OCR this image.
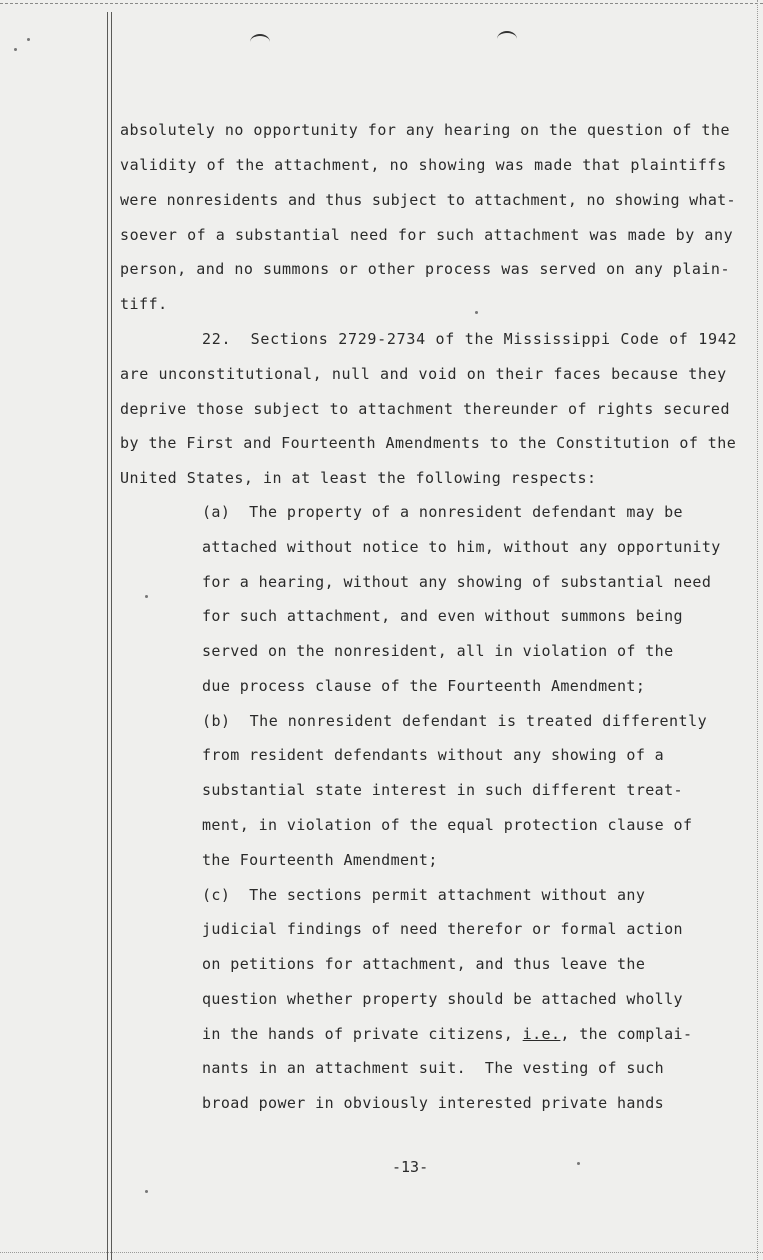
absolutely no opportunity for any hearing on the question of the
validity of the attachment, no showing was made that plaintiffs
were nonresidents and thus subject to attachment, no showing what-
soever of a substantial need for such attachment was made by any
person, and no summons or other process was served on any plain-
tiff.
22.  Sections 2729-2734 of the Mississippi Code of 1942
are unconstitutional, null and void on their faces because they
deprive those subject to attachment thereunder of rights secured
by the First and Fourteenth Amendments to the Constitution of the
United States, in at least the following respects:
(a)  The property of a nonresident defendant may be
attached without notice to him, without any opportunity
for a hearing, without any showing of substantial need
for such attachment, and even without summons being
served on the nonresident, all in violation of the
due process clause of the Fourteenth Amendment;
(b)  The nonresident defendant is treated differently
from resident defendants without any showing of a
substantial state interest in such different treat-
ment, in violation of the equal protection clause of
the Fourteenth Amendment;
(c)  The sections permit attachment without any
judicial findings of need therefor or formal action
on petitions for attachment, and thus leave the
question whether property should be attached wholly
in the hands of private citizens, i.e., the complai-
nants in an attachment suit.  The vesting of such
broad power in obviously interested private hands
-13-
